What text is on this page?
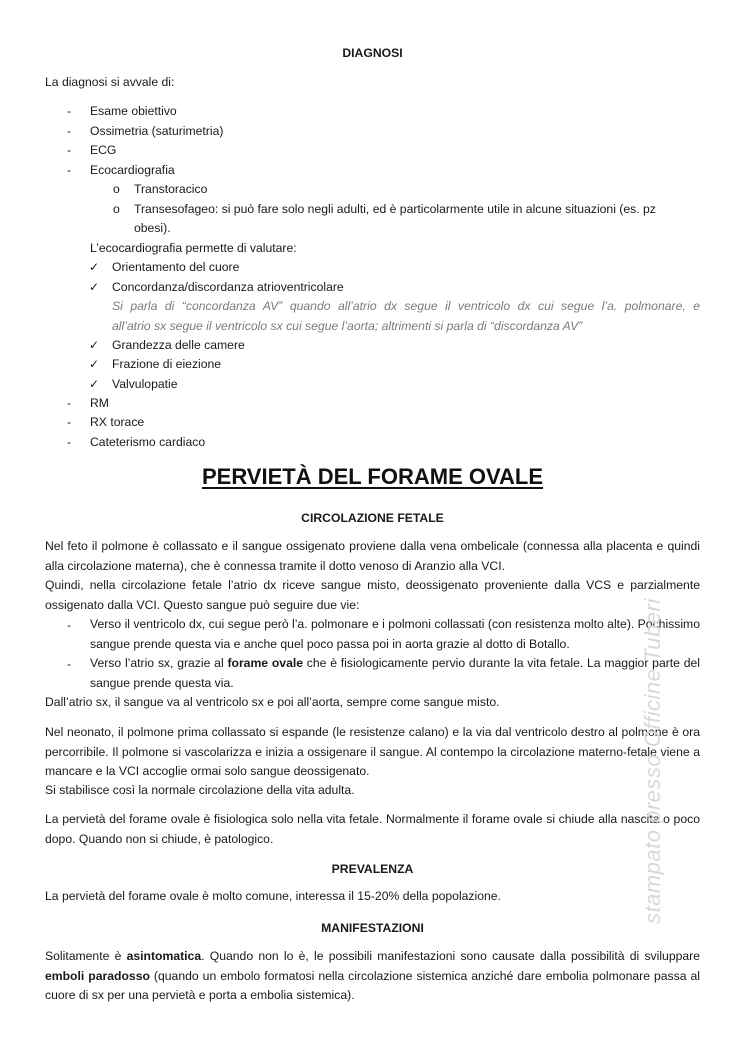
DIAGNOSI
La diagnosi si avvale di:
- Esame obiettivo
- Ossimetria (saturimetria)
- ECG
- Ecocardiografia
o Transtoracico
o Transesofageo: si può fare solo negli adulti, ed è particolarmente utile in alcune situazioni (es. pz
obesi).
L’ecocardiografia permette di valutare:
✓ Orientamento del cuore
✓ Concordanza/discordanza atrioventricolare
Si parla di “concordanza AV” quando all’atrio dx segue il ventricolo dx cui segue l’a. polmonare, e
all’atrio sx segue il ventricolo sx cui segue l’aorta; altrimenti si parla di “discordanza AV”
✓ Grandezza delle camere
✓ Frazione di eiezione
✓ Valvulopatie
- RM
- RX torace
- Cateterismo cardiaco
PERVIETÀ DEL FORAME OVALE
CIRCOLAZIONE FETALE
Nel feto il polmone è collassato e il sangue ossigenato proviene dalla vena ombelicale (connessa alla placenta e quindi alla circolazione materna), che è connessa tramite il dotto venoso di Aranzio alla VCI.
Quindi, nella circolazione fetale l’atrio dx riceve sangue misto, deossigenato proveniente dalla VCS e parzialmente ossigenato dalla VCI. Questo sangue può seguire due vie:
- Verso il ventricolo dx, cui segue però l’a. polmonare e i polmoni collassati (con resistenza molto alte). Pochissimo sangue prende questa via e anche quel poco passa poi in aorta grazie al dotto di Botallo.
- Verso l’atrio sx, grazie al forame ovale che è fisiologicamente pervio durante la vita fetale. La maggior parte del sangue prende questa via.
Dall’atrio sx, il sangue va al ventricolo sx e poi all’aorta, sempre come sangue misto.
Nel neonato, il polmone prima collassato si espande (le resistenze calano) e la via dal ventricolo destro al polmone è ora percorribile. Il polmone si vascolarizza e inizia a ossigenare il sangue. Al contempo la circolazione materno-fetale viene a mancare e la VCI accoglie ormai solo sangue deossigenato.
Si stabilisce così la normale circolazione della vita adulta.
La pervietà del forame ovale è fisiologica solo nella vita fetale. Normalmente il forame ovale si chiude alla nascita o poco dopo. Quando non si chiude, è patologico.
PREVALENZA
La pervietà del forame ovale è molto comune, interessa il 15-20% della popolazione.
MANIFESTAZIONI
Solitamente è asintomatica. Quando non lo è, le possibili manifestazioni sono causate dalla possibilità di sviluppare emboli paradosso (quando un embolo formatosi nella circolazione sistemica anziché dare embolia polmonare passa al cuore di sx per una pervietà e porta a embolia sistemica).
stampato presso Officine Tuberi
